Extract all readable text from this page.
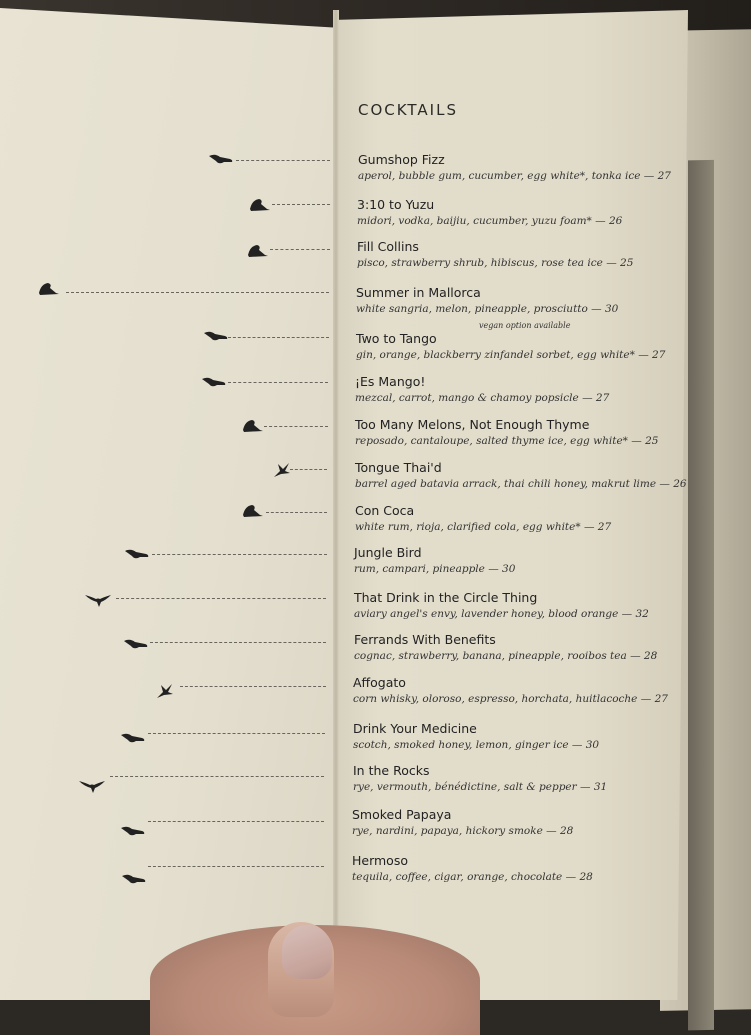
COCKTAILS
Gumshop Fizz
aperol, bubble gum, cucumber, egg white*, tonka ice — 27
3:10 to Yuzu
midori, vodka, baijiu, cucumber, yuzu foam* — 26
Fill Collins
pisco, strawberry shrub, hibiscus, rose tea ice — 25
Summer in Mallorca
white sangria, melon, pineapple, prosciutto — 30
vegan option available
Two to Tango
gin, orange, blackberry zinfandel sorbet, egg white* — 27
¡Es Mango!
mezcal, carrot, mango & chamoy popsicle — 27
Too Many Melons, Not Enough Thyme
reposado, cantaloupe, salted thyme ice, egg white* — 25
Tongue Thai'd
barrel aged batavia arrack, thai chili honey, makrut lime — 26
Con Coca
white rum, rioja, clarified cola, egg white* — 27
Jungle Bird
rum, campari, pineapple — 30
That Drink in the Circle Thing
aviary angel's envy, lavender honey, blood orange — 32
Ferrands With Benefits
cognac, strawberry, banana, pineapple, rooibos tea — 28
Affogato
corn whisky, oloroso, espresso, horchata, huitlacoche — 27
Drink Your Medicine
scotch, smoked honey, lemon, ginger ice — 30
In the Rocks
rye, vermouth, bénédictine, salt & pepper — 31
Smoked Papaya
rye, nardini, papaya, hickory smoke — 28
Hermoso
tequila, coffee, cigar, orange, chocolate — 28
